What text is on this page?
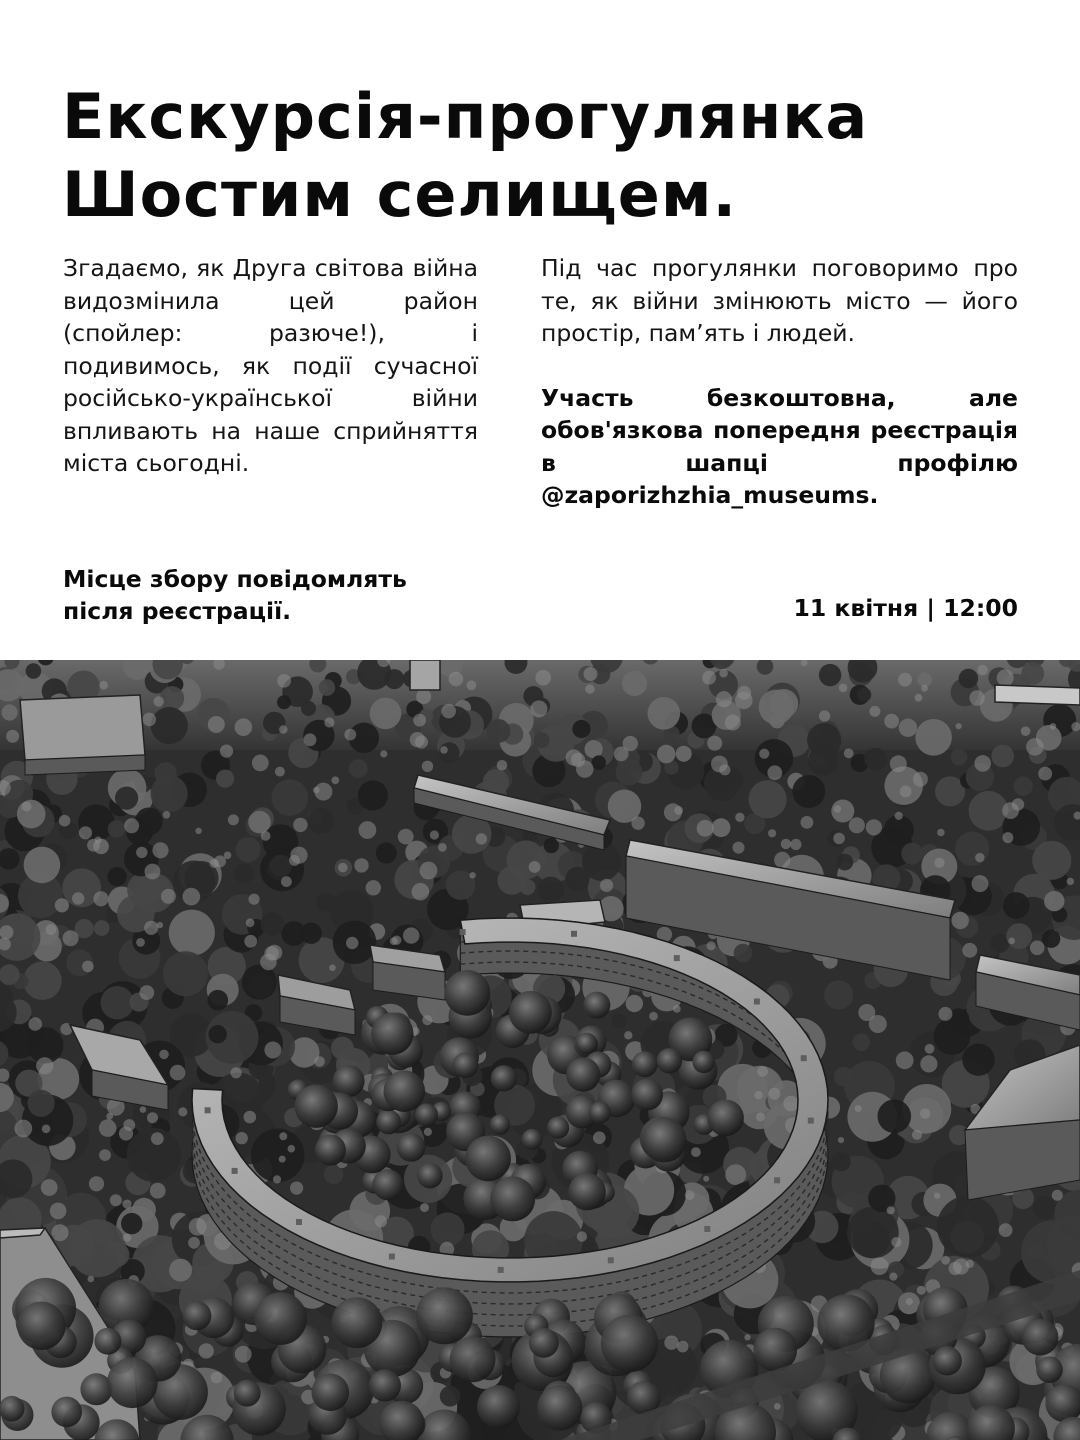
Екскурсія-прогулянка
Шостим селищем.

Згадаємо, як Друга світова війна видозмінила цей район (спойлер: разюче!), і подивимось, як події сучасної російсько-української війни впливають на наше сприйняття міста сьогодні.

Під час прогулянки поговоримо про те, як війни змінюють місто — його простір, пам’ять і людей.

Участь безкоштовна, але обов'язкова попередня реєстрація в шапці профілю @zaporizhzhia_museums.

Місце збору повідомлять
після реєстрації.	11 квітня | 12:00
